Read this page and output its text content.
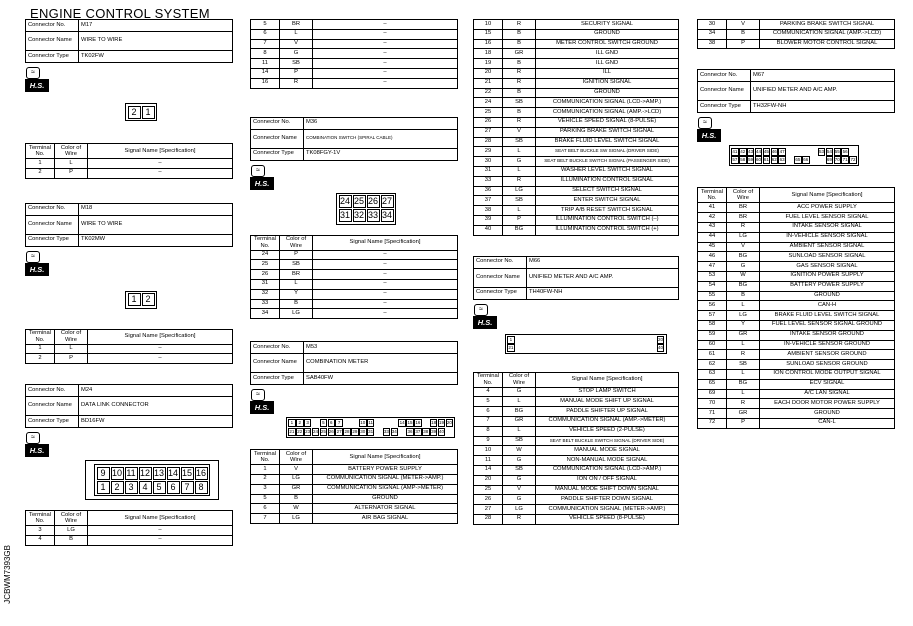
ENGINE CONTROL SYSTEM
JCBWM7393GB
Connector No.	M17
Connector Name	WIRE TO WIRE
Connector Type	TK02FW
≈
H.S.
2 1
Terminal No.	Color of Wire	Signal Name [Specification]
1	L	–
2	P	–
Connector No.	M18
Connector Name	WIRE TO WIRE
Connector Type	TK02MW
≈
H.S.
1 2
Terminal No.	Color of Wire	Signal Name [Specification]
1	L	–
2	P	–
Connector No.	M24
Connector Name	DATA LINK CONNECTOR
Connector Type	BD16FW
≈
H.S.
9 10 11 12 13 14 15 16
1 2 3 4 5 6 7 8
Terminal No.	Color of Wire	Signal Name [Specification]
3	LG	–
4	B	–
5	BR	–
6	L	–
7	V	–
8	G	–
11	SB	–
14	P	–
16	R	–
Connector No.	M36
Connector Name	COMBINATION SWITCH (SPIRAL CABLE)
Connector Type	TK08FGY-1V
≈
H.S.
24 25 26 27
31 32 33 34
Terminal No.	Color of Wire	Signal Name [Specification]
24	P	–
25	SB	–
26	BR	–
31	L	–
32	Y	–
33	B	–
34	LG	–
Connector No.	M53
Connector Name	COMBINATION METER
Connector Type	SAB40FW
≈
H.S.
1	2	3	5	6	7	10 11	14 15 16 18 19 20
21 22 23 24 25 26 27 28 29 30 31 33 34 36 37 38 39 40
Terminal No.	Color of Wire	Signal Name [Specification]
1	V	BATTERY POWER SUPPLY
2	LG	COMMUNICATION SIGNAL (METER->AMP.)
3	GR	COMMUNICATION SIGNAL (AMP->METER)
5	B	GROUND
6	W	ALTERNATOR SIGNAL
7	LG	AIR BAG SIGNAL
10	R	SECURITY SIGNAL
15	B	GROUND
16	B	METER CONTROL SWITCH GROUND
18	GR	ILL GND
19	B	ILL GND
20	R	ILL
21	R	IGNITION SIGNAL
22	B	GROUND
24	SB	COMMUNICATION SIGNAL (LCD->AMP.)
25	B	COMMUNICATION SIGNAL (AMP.->LCD)
26	R	VEHICLE SPEED SIGNAL (8-PULSE)
27	V	PARKING BRAKE SWITCH SIGNAL
28	SB	BRAKE FLUID LEVEL SWITCH SIGNAL
29	L	SEAT BELT BUCKLE SW SIGNAL (DRIVER SIDE)
30	G	SEAT BELT BUCKLE SWITCH SIGNAL (PASSENGER SIDE)
31	L	WASHER LEVEL SWITCH SIGNAL
33	R	ILLUMINATION CONTROL SIGNAL
36	LG	SELECT SWITCH SIGNAL
37	SB	ENTER SWITCH SIGNAL
38	L	TRIP A/B RESET SWITCH SIGNAL
39	P	ILLUMINATION CONTROL SWITCH (–)
40	BG	ILLUMINATION CONTROL SWITCH (+)
Connector No.	M66
Connector Name	UNIFIED METER AND A/C AMP.
Connector Type	TH40FW-NH
≈
H.S.
1	20
21	40
Terminal No.	Color of Wire	Signal Name [Specification]
4	G	STOP LAMP SWITCH
5	L	MANUAL MODE SHIFT UP SIGNAL
6	BG	PADDLE SHIFTER UP SIGNAL
7	GR	COMMUNICATION SIGNAL (AMP.->METER)
8	L	VEHICLE SPEED (2-PULSE)
9	SB	SEAT BELT BUCKLE SWITCH SIGNAL (DRIVER SIDE)
10	W	MANUAL MODE SIGNAL
11	G	NON-MANUAL MODE SIGNAL
14	SB	COMMUNICATION SIGNAL (LCD->AMP.)
20	G	ION ON / OFF SIGNAL
25	V	MANUAL MODE SHIFT DOWN SIGNAL
26	G	PADDLE SHIFTER DOWN SIGNAL
27	LG	COMMUNICATION SIGNAL (METER->AMP.)
28	R	VEHICLE SPEED (8-PULSE)
30	V	PARKING BRAKE SWITCH SIGNAL
34	B	COMMUNICATION SIGNAL (AMP.->LCD)
38	P	BLOWER MOTOR CONTROL SIGNAL
Connector No.	M67
Connector Name	UNIFIED METER AND A/C AMP.
Connector Type	TH32FW-NH
≈
H.S.
41 42 43 44 45 46 47	53 54 55 56
57 58 59 60 61 62 63 65 66	69 70 71 72
Terminal No.	Color of Wire	Signal Name [Specification]
41	BR	ACC POWER SUPPLY
42	BR	FUEL LEVEL SENSOR SIGNAL
43	R	INTAKE SENSOR SIGNAL
44	LG	IN-VEHICLE SENSOR SIGNAL
45	V	AMBIENT SENSOR SIGNAL
46	BG	SUNLOAD SENSOR SIGNAL
47	G	GAS SENSOR SIGNAL
53	W	IGNITION POWER SUPPLY
54	BG	BATTERY POWER SUPPLY
55	B	GROUND
56	L	CAN-H
57	LG	BRAKE FLUID LEVEL SWITCH SIGNAL
58	Y	FUEL LEVEL SENSOR SIGNAL GROUND
59	GR	INTAKE SENSOR GROUND
60	L	IN-VEHICLE SENSOR GROUND
61	R	AMBIENT SENSOR GROUND
62	SB	SUNLOAD SENSOR GROUND
63	L	ION CONTROL MODE OUTPUT SIGNAL
65	BG	ECV SIGNAL
69	L	A/C LAN SIGNAL
70	R	EACH DOOR MOTOR POWER SUPPLY
71	GR	GROUND
72	P	CAN-L
